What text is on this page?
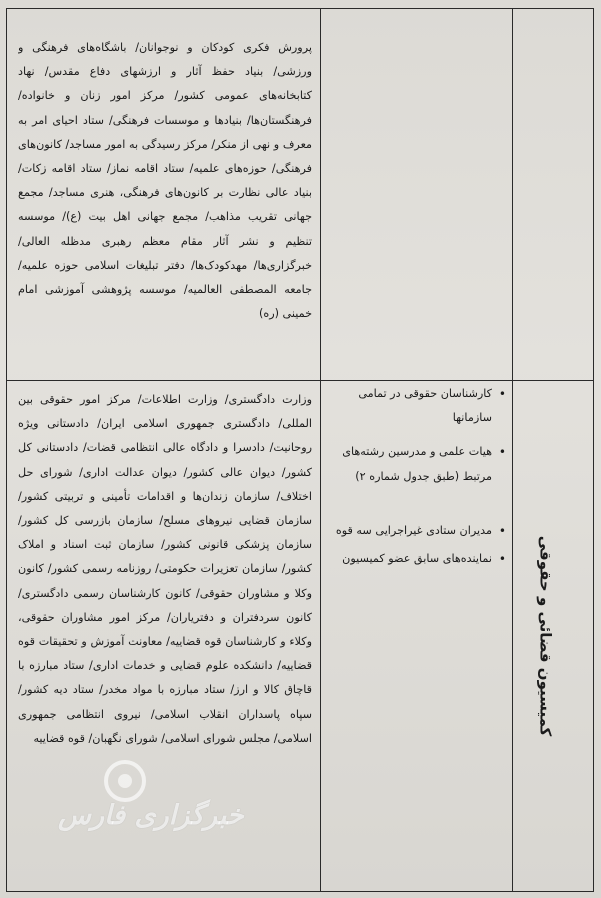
پرورش فکری کودکان و نوجوانان/ باشگاه‌های فرهنگی و ورزشی/ بنیاد حفظ آثار و ارزشهای دفاع مقدس/ نهاد کتابخانه‌های عمومی کشور/ مرکز امور زنان و خانواده/ فرهنگستان‌ها/ بنیادها و موسسات فرهنگی/ ستاد احیای امر به معرف و نهی از منکر/ مرکز رسیدگی به امور مساجد/ کانون‌های فرهنگی/ حوزه‌های علمیه/ ستاد اقامه نماز/ ستاد اقامه زکات/ بنیاد عالی نظارت بر کانون‌های فرهنگی، هنری مساجد/ مجمع جهانی تقریب مذاهب/ مجمع جهانی اهل بیت (ع)/ موسسه تنظیم و نشر آثار مقام معظم رهبری مدظله العالی/ خبرگزاری‌ها/ مهدکودک‌ها/ دفتر تبلیغات اسلامی حوزه علمیه/ جامعه المصطفی العالمیه/ موسسه پژوهشی آموزشی امام خمینی (ره)
وزارت دادگستری/ وزارت اطلاعات/ مرکز امور حقوقی بین المللی/ دادگستری جمهوری اسلامی ایران/ دادستانی ویژه روحانیت/ دادسرا و دادگاه عالی انتظامی قضات/ دادستانی کل کشور/ دیوان عالی کشور/ دیوان عدالت اداری/ شورای حل اختلاف/ سازمان زندان‌ها و اقدامات تأمینی و تربیتی کشور/ سازمان قضایی نیروهای مسلح/ سازمان بازرسی کل کشور/ سازمان پزشکی قانونی کشور/ سازمان ثبت اسناد و املاک کشور/ سازمان تعزیرات حکومتی/ روزنامه رسمی کشور/ کانون وکلا و مشاوران حقوقی/ کانون کارشناسان رسمی دادگستری/ کانون سردفتران و دفتریاران/ مرکز امور مشاوران حقوقی، وکلاء و کارشناسان قوه قضاییه/ معاونت آموزش و تحقیقات قوه قضاییه/ دانشکده علوم قضایی و خدمات اداری/ ستاد مبارزه با قاچاق کالا و ارز/ ستاد مبارزه با مواد مخدر/ ستاد دیه کشور/ سپاه پاسداران انقلاب اسلامی/ نیروی انتظامی جمهوری اسلامی/ مجلس شورای اسلامی/ شورای نگهبان/ قوه قضاییه
•
کارشناسان حقوقی در تمامی سازمانها
•
هیات علمی و مدرسین رشته‌های مرتبط (طبق جدول شماره ۲)
•
مدیران ستادی غیراجرایی سه قوه
•
نماینده‌های سابق عضو کمیسیون	کمیسیون قضائی و حقوقی
خبرگزاری فارس
